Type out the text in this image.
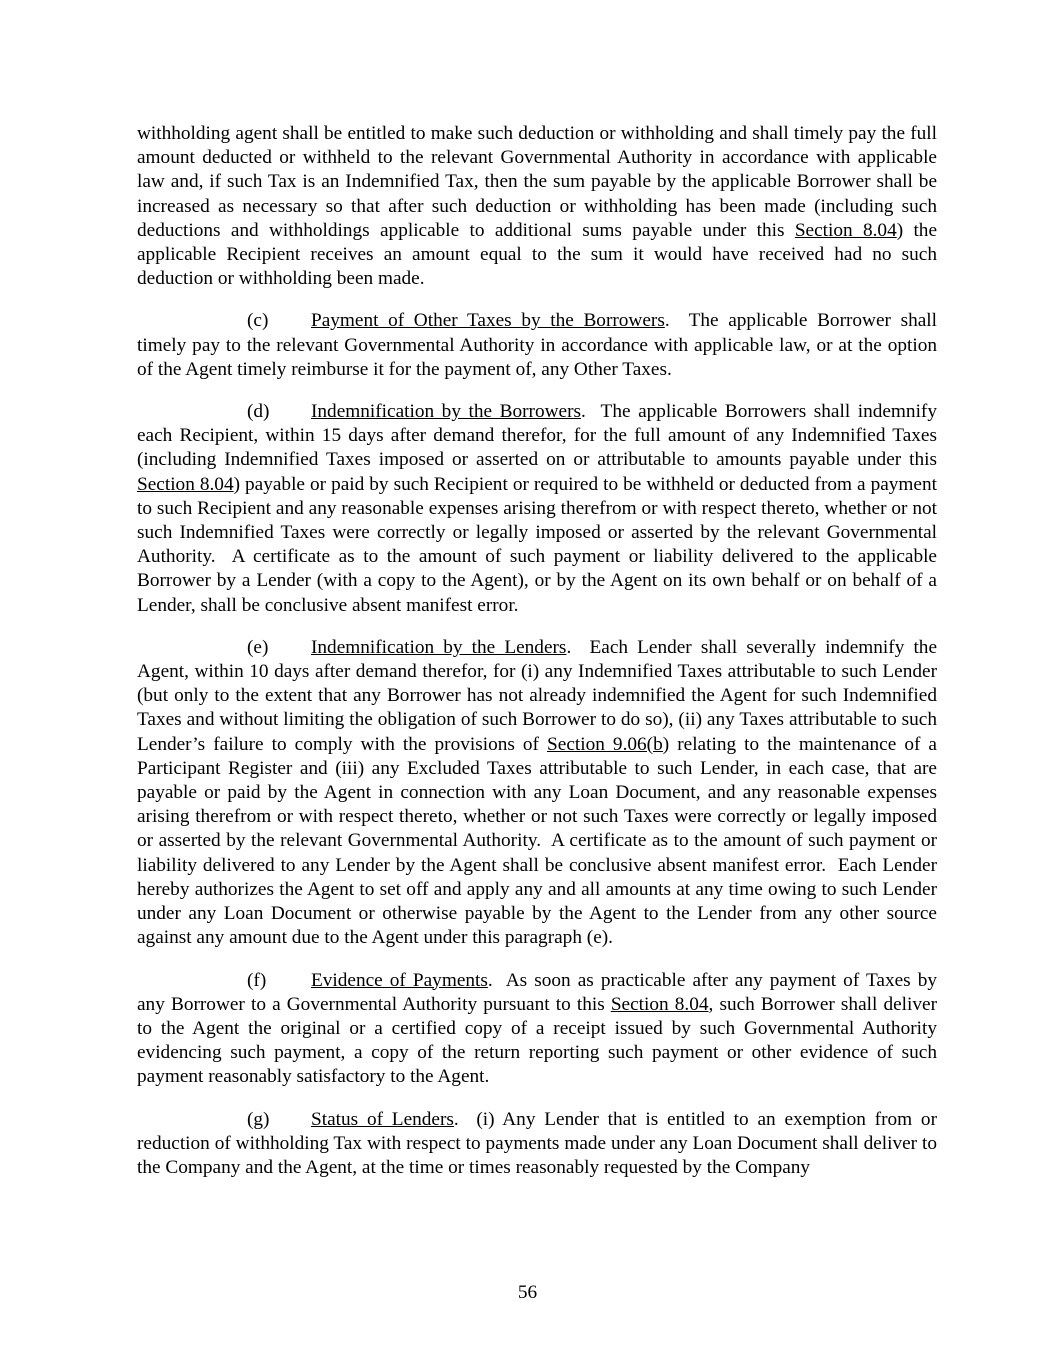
withholding agent shall be entitled to make such deduction or withholding and shall timely pay the full amount deducted or withheld to the relevant Governmental Authority in accordance with applicable law and, if such Tax is an Indemnified Tax, then the sum payable by the applicable Borrower shall be increased as necessary so that after such deduction or withholding has been made (including such deductions and withholdings applicable to additional sums payable under this Section 8.04) the applicable Recipient receives an amount equal to the sum it would have received had no such deduction or withholding been made.

(c) Payment of Other Taxes by the Borrowers.  The applicable Borrower shall timely pay to the relevant Governmental Authority in accordance with applicable law, or at the option of the Agent timely reimburse it for the payment of, any Other Taxes.

(d) Indemnification by the Borrowers.  The applicable Borrowers shall indemnify each Recipient, within 15 days after demand therefor, for the full amount of any Indemnified Taxes (including Indemnified Taxes imposed or asserted on or attributable to amounts payable under this Section 8.04) payable or paid by such Recipient or required to be withheld or deducted from a payment to such Recipient and any reasonable expenses arising therefrom or with respect thereto, whether or not such Indemnified Taxes were correctly or legally imposed or asserted by the relevant Governmental Authority.  A certificate as to the amount of such payment or liability delivered to the applicable Borrower by a Lender (with a copy to the Agent), or by the Agent on its own behalf or on behalf of a Lender, shall be conclusive absent manifest error.

(e) Indemnification by the Lenders.  Each Lender shall severally indemnify the Agent, within 10 days after demand therefor, for (i) any Indemnified Taxes attributable to such Lender (but only to the extent that any Borrower has not already indemnified the Agent for such Indemnified Taxes and without limiting the obligation of such Borrower to do so), (ii) any Taxes attributable to such Lender’s failure to comply with the provisions of Section 9.06(b) relating to the maintenance of a Participant Register and (iii) any Excluded Taxes attributable to such Lender, in each case, that are payable or paid by the Agent in connection with any Loan Document, and any reasonable expenses arising therefrom or with respect thereto, whether or not such Taxes were correctly or legally imposed or asserted by the relevant Governmental Authority.  A certificate as to the amount of such payment or liability delivered to any Lender by the Agent shall be conclusive absent manifest error.  Each Lender hereby authorizes the Agent to set off and apply any and all amounts at any time owing to such Lender under any Loan Document or otherwise payable by the Agent to the Lender from any other source against any amount due to the Agent under this paragraph (e).

(f) Evidence of Payments.  As soon as practicable after any payment of Taxes by any Borrower to a Governmental Authority pursuant to this Section 8.04, such Borrower shall deliver to the Agent the original or a certified copy of a receipt issued by such Governmental Authority evidencing such payment, a copy of the return reporting such payment or other evidence of such payment reasonably satisfactory to the Agent.

(g) Status of Lenders.  (i) Any Lender that is entitled to an exemption from or reduction of withholding Tax with respect to payments made under any Loan Document shall deliver to the Company and the Agent, at the time or times reasonably requested by the Company

56
